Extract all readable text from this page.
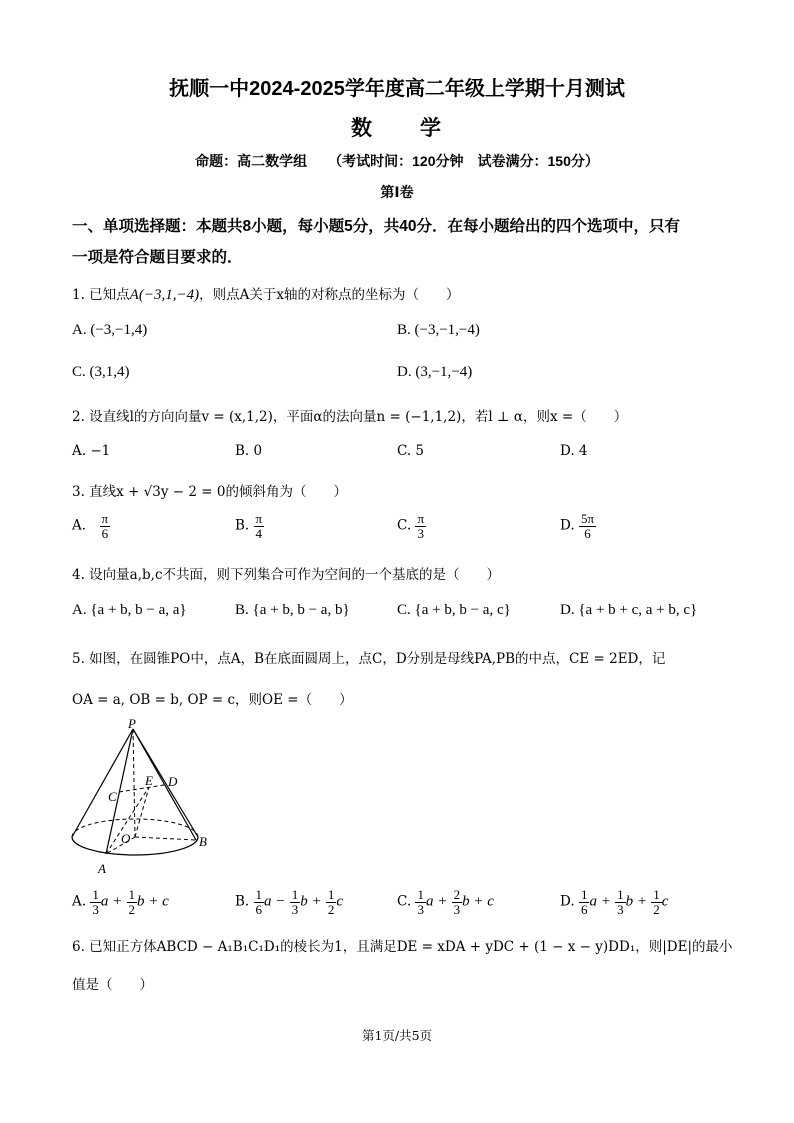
抚顺一中2024-2025学年度高二年级上学期十月测试
数　　学
命题：高二数学组　　（考试时间：120分钟　试卷满分：150分）
第Ⅰ卷
一、单项选择题：本题共8小题，每小题5分，共40分．在每小题给出的四个选项中，只有
一项是符合题目要求的．
1. 已知点A(−3,1,−4)，则点A关于x轴的对称点的坐标为（　　）
A. (−3,−1,4)	B. (−3,−1,−4)
C. (3,1,4)	D. (3,−1,−4)
2. 设直线l的方向向量v = (x,1,2)，平面α的法向量n = (−1,1,2)，若l ⊥ α，则x =（　　）
A. −1	B. 0	C. 5	D. 4
3. 直线x + √3y − 2 = 0的倾斜角为（　　）
A． $\frac{\pi}{6}$	B. $\frac{\pi}{4}$	C. $\frac{\pi}{3}$	D. $\frac{5\pi}{6}$
4. 设向量a,b,c不共面，则下列集合可作为空间的一个基底的是（　　）
A. {a + b, b − a, a}	B. {a + b, b − a, b}	C. {a + b, b − a, c}	D. {a + b + c, a + b, c}
5. 如图，在圆锥PO中，点A，B在底面圆周上，点C，D分别是母线PA,PB的中点，CE = 2ED，记
OA = a, OB = b, OP = c，则OE =（　　）
P
E D
C
O	B
A
A. $\frac{1}{3}$ $a + \frac{1}{2}$ b + c	B. $\frac{1}{6}$ $a - \frac{1}{3}$ $b + \frac{1}{2}$ c	C. $\frac{1}{3}$ $a + \frac{2}{3}$ b + c	D. $\frac{1}{6}$ $a + \frac{1}{3}$ $b + \frac{1}{2}$ c
6. 已知正方体ABCD − A₁B₁C₁D₁的棱长为1，且满足DE = xDA + yDC + (1 − x − y)DD₁，则|DE|的最小
值是（　　）
第1页/共5页
